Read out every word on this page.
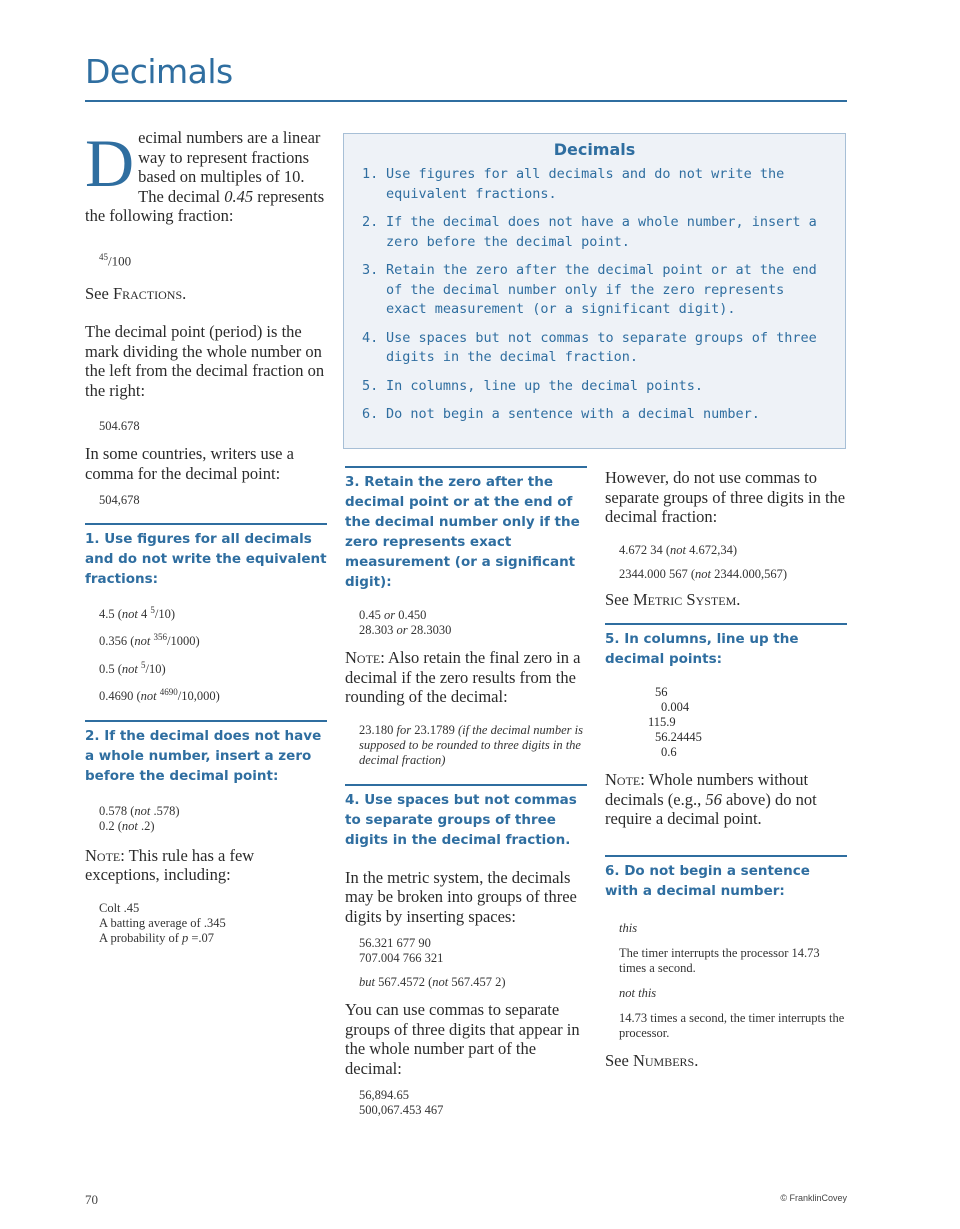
Decimals
Decimals
1. Use figures for all decimals and do not write the equivalent fractions.
2. If the decimal does not have a whole number, insert a zero before the decimal point.
3. Retain the zero after the decimal point or at the end of the decimal number only if the zero represents exact measurement (or a significant digit).
4. Use spaces but not commas to separate groups of three digits in the decimal fraction.
5. In columns, line up the decimal points.
6. Do not begin a sentence with a decimal number.

Decimal numbers are a linear way to represent fractions based on multiples of 10. The decimal 0.45 represents the following fraction:

$^{45}$/100

See Fractions.

The decimal point (period) is the mark dividing the whole number on the left from the decimal fraction on the right:

504.678

In some countries, writers use a comma for the decimal point:

504,678

1. Use figures for all decimals and do not write the equivalent fractions:

4.5 (not 4 $^5$/10)
0.356 (not $^{356}$/1000)
0.5 (not $^5$/10)
0.4690 (not $^{4690}$/10,000)

2. If the decimal does not have a whole number, insert a zero before the decimal point:

0.578 (not .578)
0.2 (not .2)

Note: This rule has a few exceptions, including:

Colt .45
A batting average of .345
A probability of p =.07

3. Retain the zero after the decimal point or at the end of the decimal number only if the zero represents exact measurement (or a significant digit):

0.45 or 0.450
28.303 or 28.3030

Note: Also retain the final zero in a decimal if the zero results from the rounding of the decimal:

23.180 for 23.1789 (if the decimal number is supposed to be rounded to three digits in the decimal fraction)

4. Use spaces but not commas to separate groups of three digits in the decimal fraction.

In the metric system, the decimals may be broken into groups of three digits by inserting spaces:

56.321 677 90
707.004 766 321
but 567.4572 (not 567.457 2)

You can use commas to separate groups of three digits that appear in the whole number part of the decimal:

56,894.65
500,067.453 467

However, do not use commas to separate groups of three digits in the decimal fraction:

4.672 34 (not 4.672,34)
2344.000 567 (not 2344.000,567)

See Metric System.

5. In columns, line up the decimal points:

56
0.004
115.9
56.24445
0.6

Note: Whole numbers without decimals (e.g., 56 above) do not require a decimal point.

6. Do not begin a sentence with a decimal number:

this
The timer interrupts the processor 14.73 times a second.
not this
14.73 times a second, the timer interrupts the processor.

See Numbers.

70	© FranklinCovey
